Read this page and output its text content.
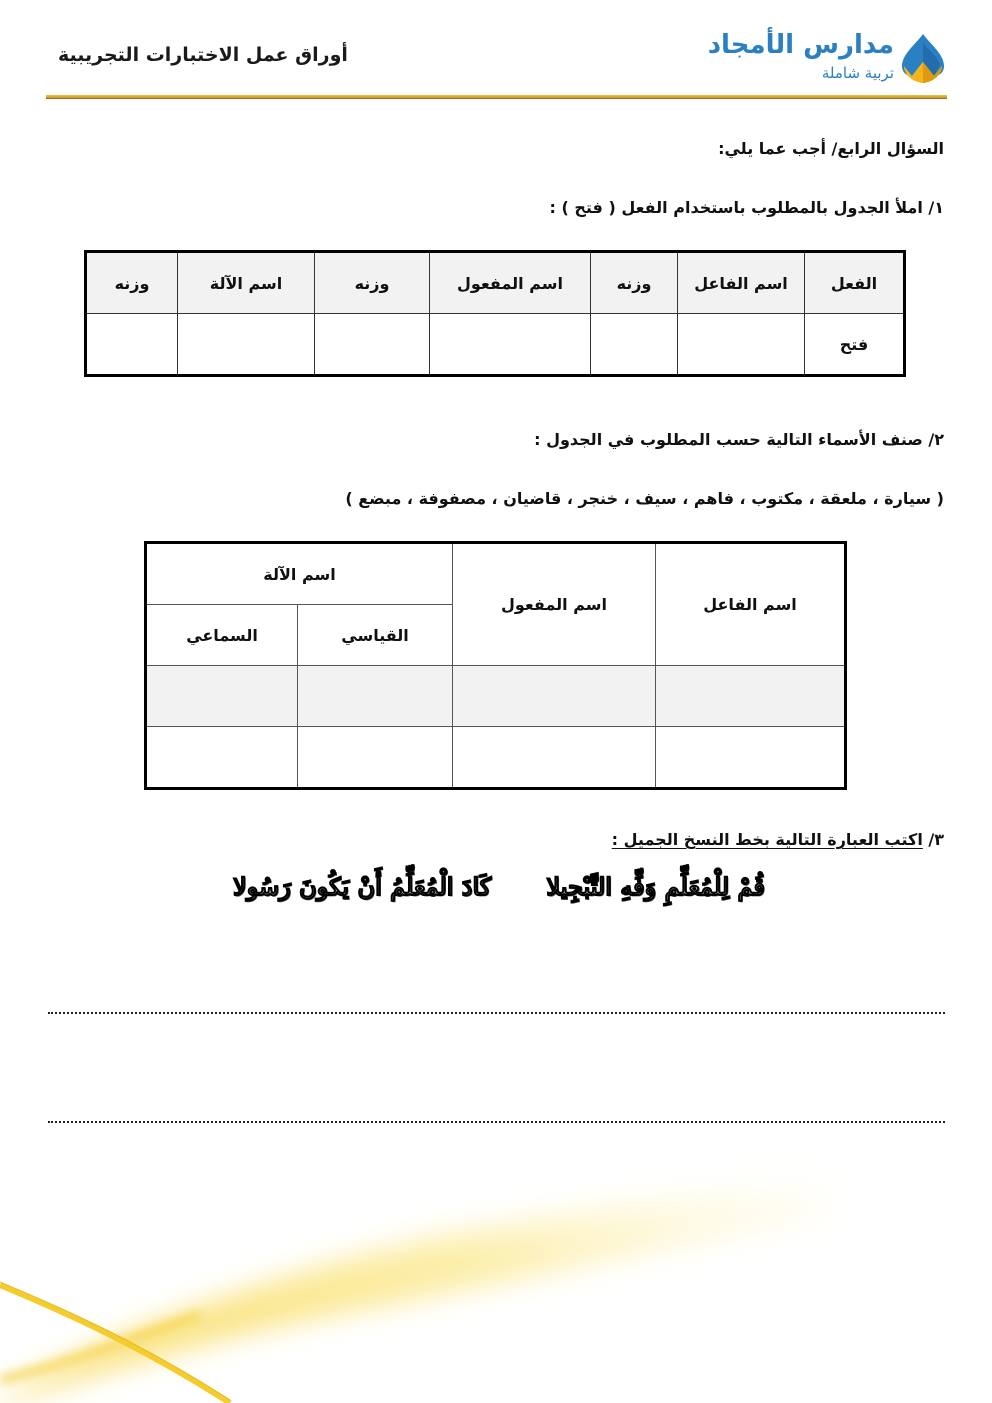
أوراق عمل الاختبارات التجريبية	مدارس الأمجاد
تربية شاملة
السؤال الرابع/ أجب عما يلي:
١/ املأ الجدول بالمطلوب باستخدام الفعل ( فتح ) :
الفعل	اسم الفاعل	وزنه	اسم المفعول	وزنه	اسم الآلة	وزنه
فتح						
٢/ صنف الأسماء التالية حسب المطلوب في الجدول :
( سيارة ، ملعقة ، مكتوب ، فاهم ، سيف ، خنجر ، قاضيان ، مصفوفة ، مبضع )
اسم الفاعل	اسم المفعول	اسم الآلة	
		القياسي	السماعي

٣/ اكتب العبارة التالية بخط النسخ الجميل :
قُمْ لِلْمُعَلِّمِ وَفِّهِ التَّبْجِيلا
كَادَ الْمُعَلِّمُ أَنْ يَكُونَ رَسُولا
